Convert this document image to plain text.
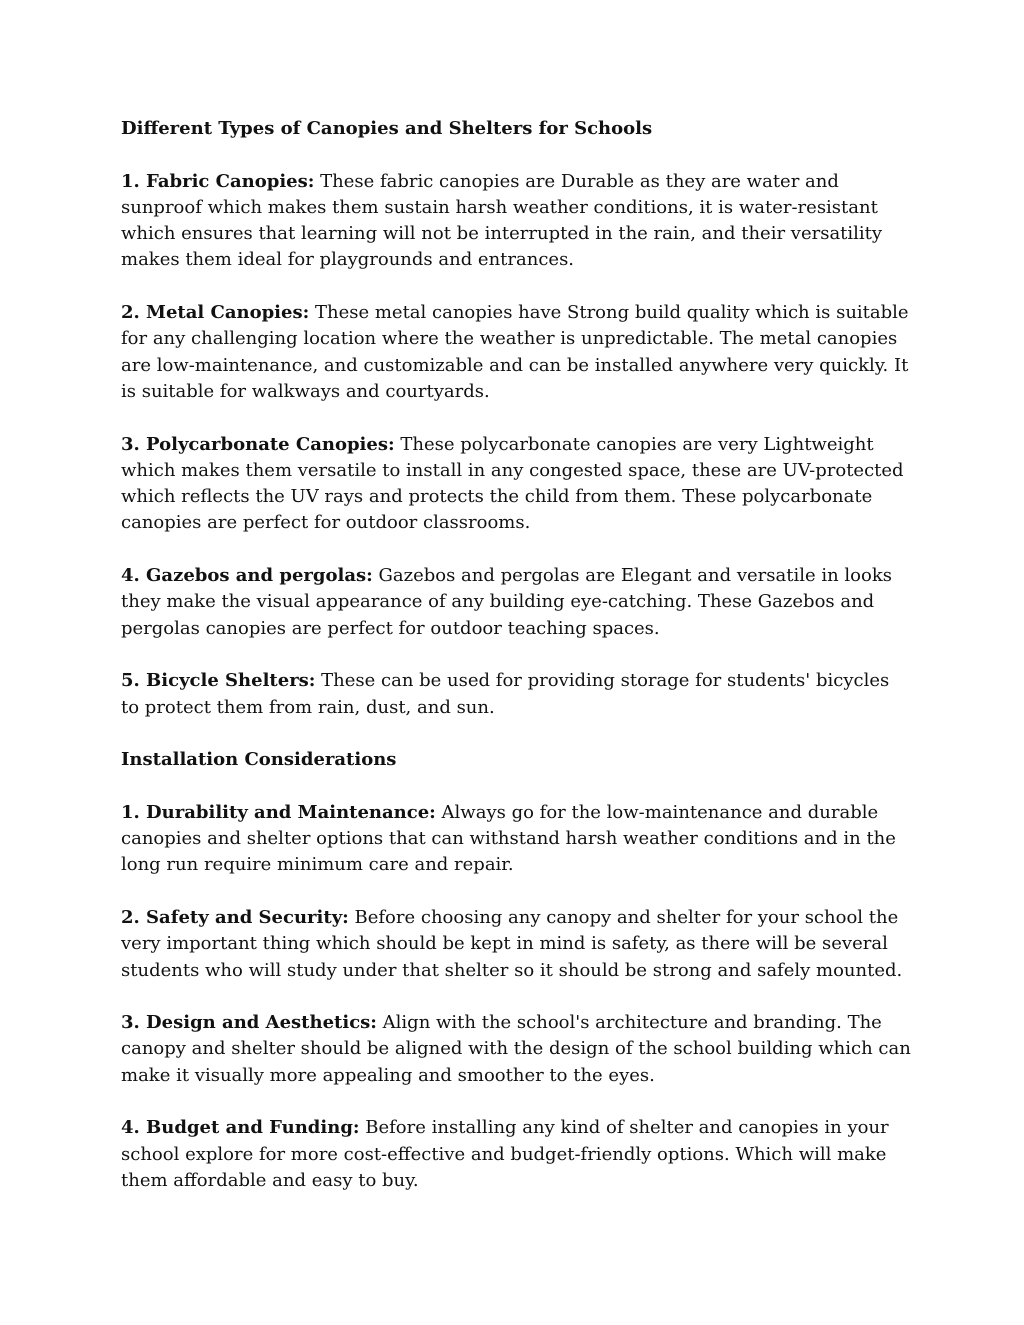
Different Types of Canopies and Shelters for Schools

1. Fabric Canopies: These fabric canopies are Durable as they are water and sunproof which makes them sustain harsh weather conditions, it is water-resistant which ensures that learning will not be interrupted in the rain, and their versatility makes them ideal for playgrounds and entrances.

2. Metal Canopies: These metal canopies have Strong build quality which is suitable for any challenging location where the weather is unpredictable. The metal canopies are low-maintenance, and customizable and can be installed anywhere very quickly. It is suitable for walkways and courtyards.

3. Polycarbonate Canopies: These polycarbonate canopies are very Lightweight which makes them versatile to install in any congested space, these are UV-protected which reflects the UV rays and protects the child from them. These polycarbonate canopies are perfect for outdoor classrooms.

4. Gazebos and pergolas: Gazebos and pergolas are Elegant and versatile in looks they make the visual appearance of any building eye-catching. These Gazebos and pergolas canopies are perfect for outdoor teaching spaces.

5. Bicycle Shelters: These can be used for providing storage for students' bicycles to protect them from rain, dust, and sun.

Installation Considerations

1. Durability and Maintenance: Always go for the low-maintenance and durable canopies and shelter options that can withstand harsh weather conditions and in the long run require minimum care and repair.

2. Safety and Security: Before choosing any canopy and shelter for your school the very important thing which should be kept in mind is safety, as there will be several students who will study under that shelter so it should be strong and safely mounted.

3. Design and Aesthetics: Align with the school's architecture and branding. The canopy and shelter should be aligned with the design of the school building which can make it visually more appealing and smoother to the eyes.

4. Budget and Funding: Before installing any kind of shelter and canopies in your school explore for more cost-effective and budget-friendly options. Which will make them affordable and easy to buy.
